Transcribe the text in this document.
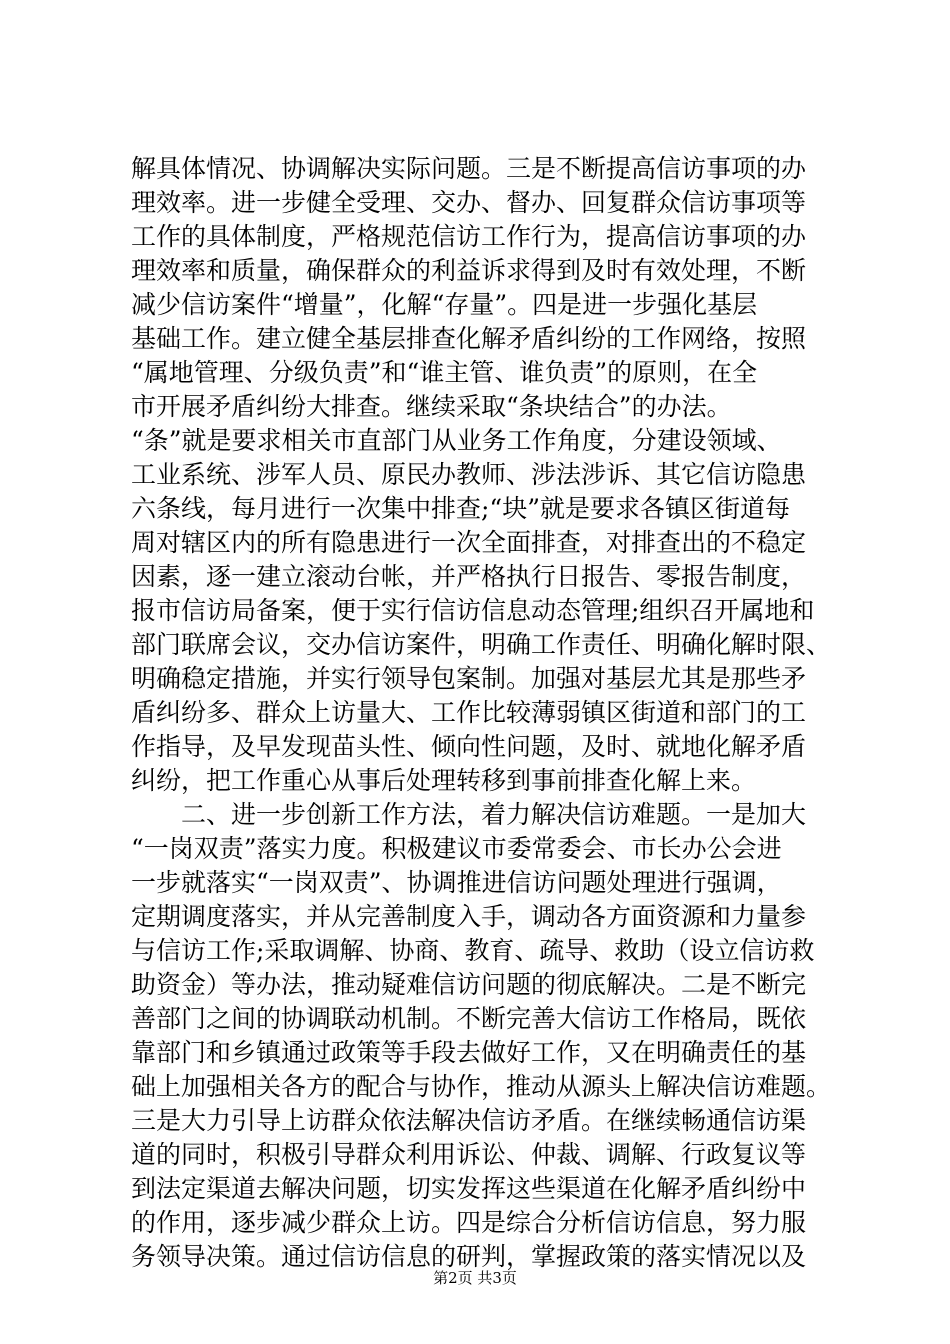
解具体情况、协调解决实际问题。三是不断提高信访事项的办
理效率。进一步健全受理、交办、督办、回复群众信访事项等
工作的具体制度，严格规范信访工作行为，提高信访事项的办
理效率和质量，确保群众的利益诉求得到及时有效处理，不断
减少信访案件“增量”，化解“存量”。四是进一步强化基层
基础工作。建立健全基层排查化解矛盾纠纷的工作网络，按照
“属地管理、分级负责”和“谁主管、谁负责”的原则，在全
市开展矛盾纠纷大排查。继续采取“条块结合”的办法。
“条”就是要求相关市直部门从业务工作角度，分建设领域、
工业系统、涉军人员、原民办教师、涉法涉诉、其它信访隐患
六条线，每月进行一次集中排查;“块”就是要求各镇区街道每
周对辖区内的所有隐患进行一次全面排查，对排查出的不稳定
因素，逐一建立滚动台帐，并严格执行日报告、零报告制度，
报市信访局备案，便于实行信访信息动态管理;组织召开属地和
部门联席会议，交办信访案件，明确工作责任、明确化解时限、
明确稳定措施，并实行领导包案制。加强对基层尤其是那些矛
盾纠纷多、群众上访量大、工作比较薄弱镇区街道和部门的工
作指导，及早发现苗头性、倾向性问题，及时、就地化解矛盾
纠纷，把工作重心从事后处理转移到事前排查化解上来。
　　二、进一步创新工作方法，着力解决信访难题。一是加大
“一岗双责”落实力度。积极建议市委常委会、市长办公会进
一步就落实“一岗双责”、协调推进信访问题处理进行强调，
定期调度落实，并从完善制度入手，调动各方面资源和力量参
与信访工作;采取调解、协商、教育、疏导、救助（设立信访救
助资金）等办法，推动疑难信访问题的彻底解决。二是不断完
善部门之间的协调联动机制。不断完善大信访工作格局，既依
靠部门和乡镇通过政策等手段去做好工作，又在明确责任的基
础上加强相关各方的配合与协作，推动从源头上解决信访难题。
三是大力引导上访群众依法解决信访矛盾。在继续畅通信访渠
道的同时，积极引导群众利用诉讼、仲裁、调解、行政复议等
到法定渠道去解决问题，切实发挥这些渠道在化解矛盾纠纷中
的作用，逐步减少群众上访。四是综合分析信访信息，努力服
务领导决策。通过信访信息的研判，掌握政策的落实情况以及
第2页 共3页
